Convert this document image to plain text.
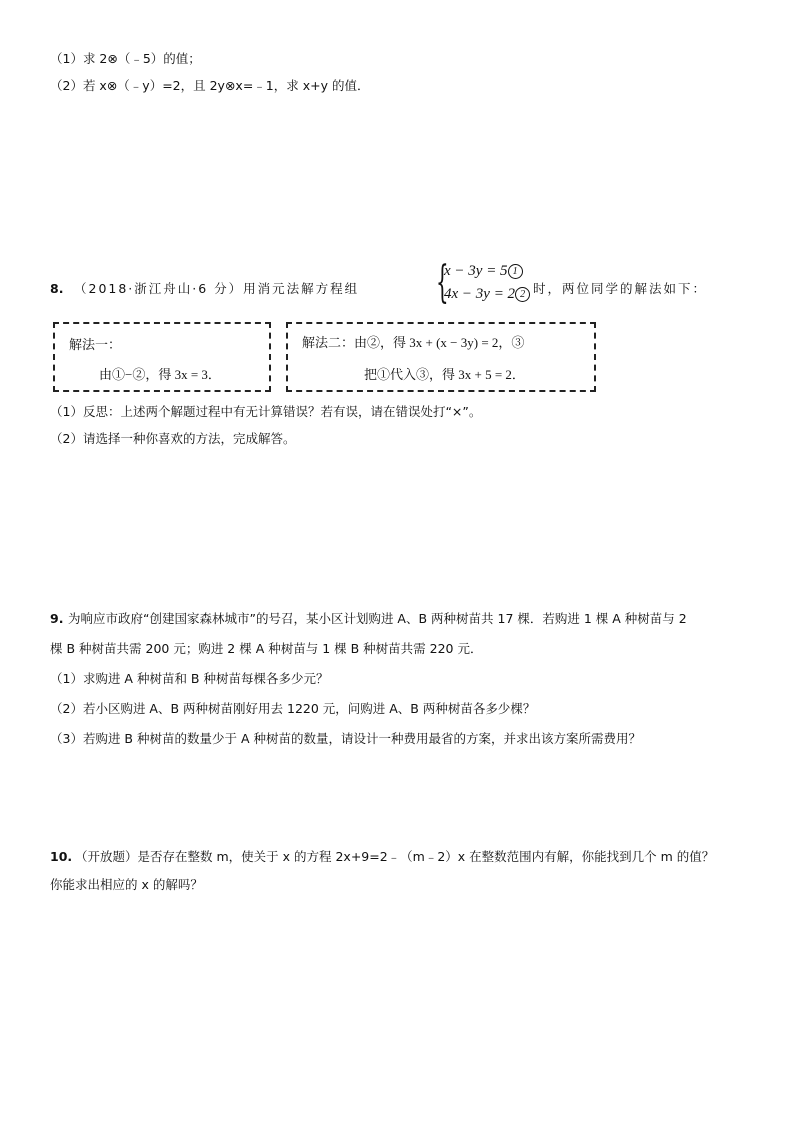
（1）求 2⊗（﹣5）的值；
（2）若 x⊗（﹣y）=2，且 2y⊗x=﹣1，求 x+y 的值．
8. （2018·浙江舟山·6 分）用消元法解方程组 {
x − 3y = 5 1
4x − 3y = 2 2 时，两位同学的解法如下：
解法一：
由①−②，得 3x = 3．
解法二：由②，得 3x + (x − 3y) = 2，③
把①代入③，得 3x + 5 = 2．
（1）反思：上述两个解题过程中有无计算错误？若有误，请在错误处打“×”。
（2）请选择一种你喜欢的方法，完成解答。
9. 为响应市政府“创建国家森林城市”的号召，某小区计划购进 A、B 两种树苗共 17 棵．若购进 1 棵 A 种树苗与 2
棵 B 种树苗共需 200 元；购进 2 棵 A 种树苗与 1 棵 B 种树苗共需 220 元．
（1）求购进 A 种树苗和 B 种树苗每棵各多少元？
（2）若小区购进 A、B 两种树苗刚好用去 1220 元，问购进 A、B 两种树苗各多少棵？
（3）若购进 B 种树苗的数量少于 A 种树苗的数量，请设计一种费用最省的方案，并求出该方案所需费用？
10. （开放题）是否存在整数 m，使关于 x 的方程 2x+9=2﹣（m﹣2）x 在整数范围内有解，你能找到几个 m 的值？
你能求出相应的 x 的解吗？
